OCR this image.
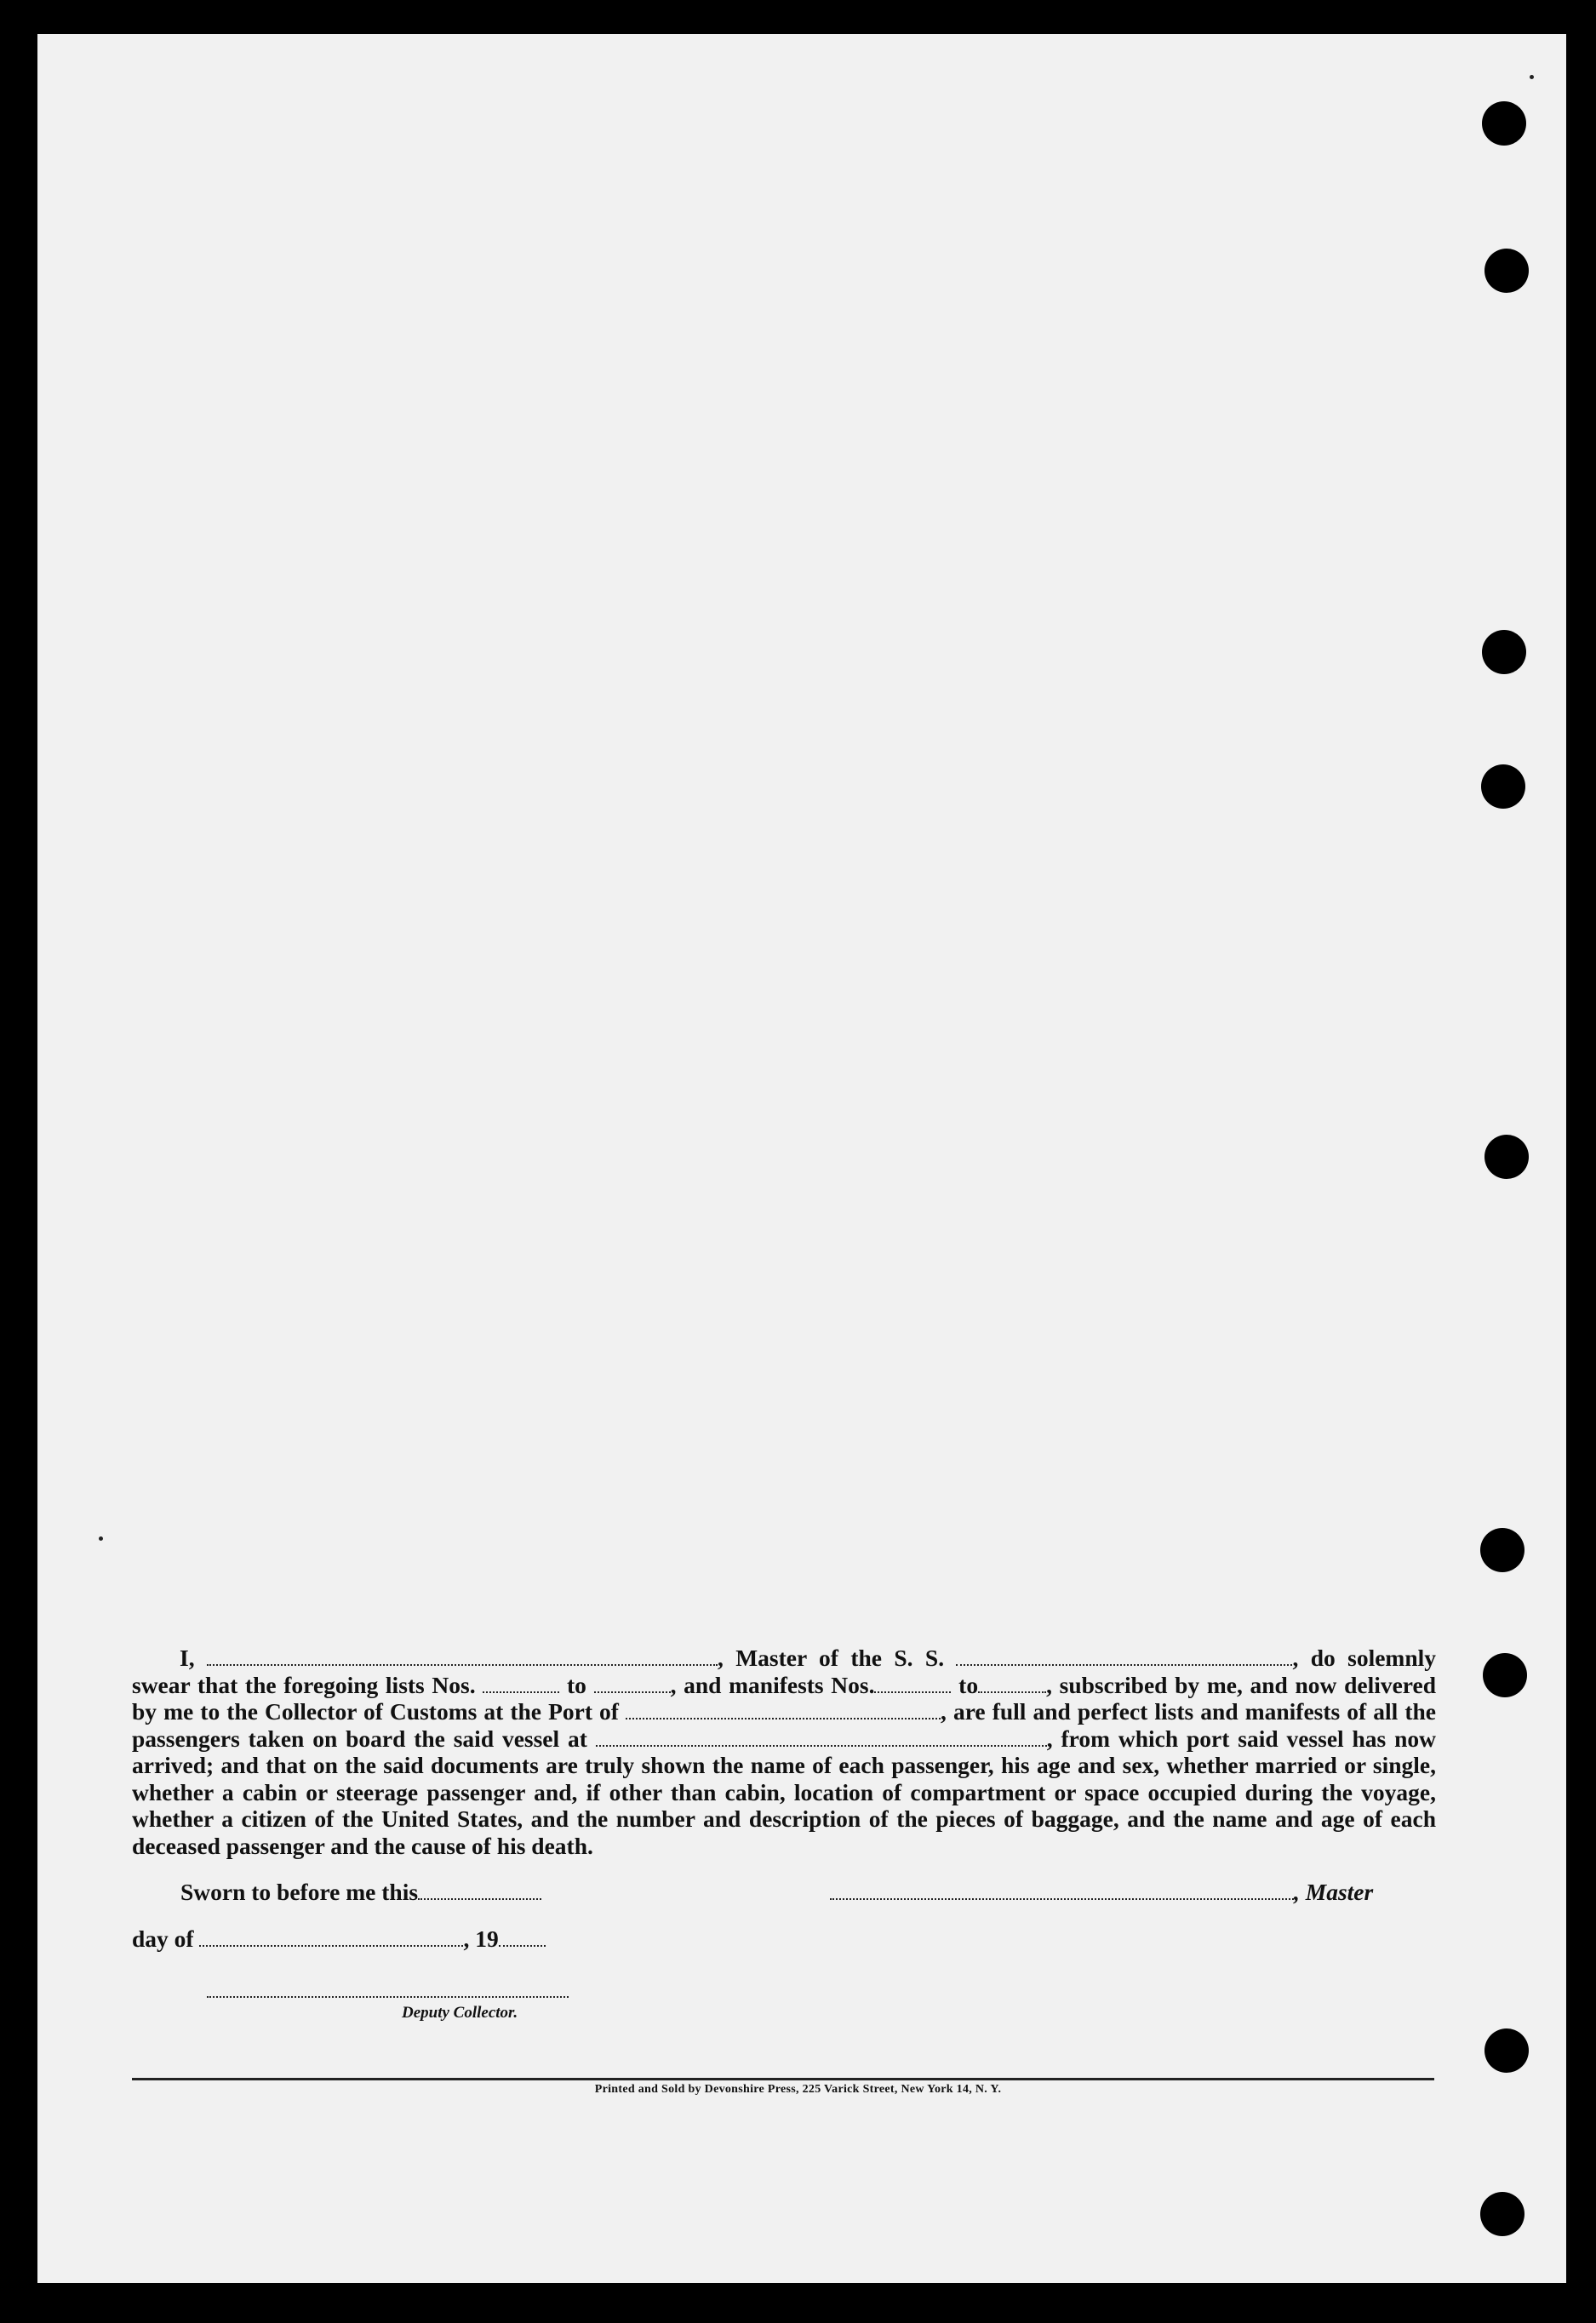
I,	, Master of the S. S.	, do solemnly swear that the foregoing lists Nos.	to	, and manifests Nos.	to	, subscribed by me, and now delivered by me to the Collector of Customs at the Port of	, are full and perfect lists and manifests of all the passengers taken on board the said vessel at	, from which port said vessel has now arrived; and that on the said documents are truly shown the name of each passenger, his age and sex, whether married or single, whether a cabin or steerage passenger and, if other than cabin, location of compartment or space occupied during the voyage, whether a citizen of the United States, and the number and description of the pieces of baggage, and the name and age of each deceased passenger and the cause of his death.

Sworn to before me this	, Master
day of	, 19
Deputy Collector.
Printed and Sold by Devonshire Press, 225 Varick Street, New York 14, N. Y.
